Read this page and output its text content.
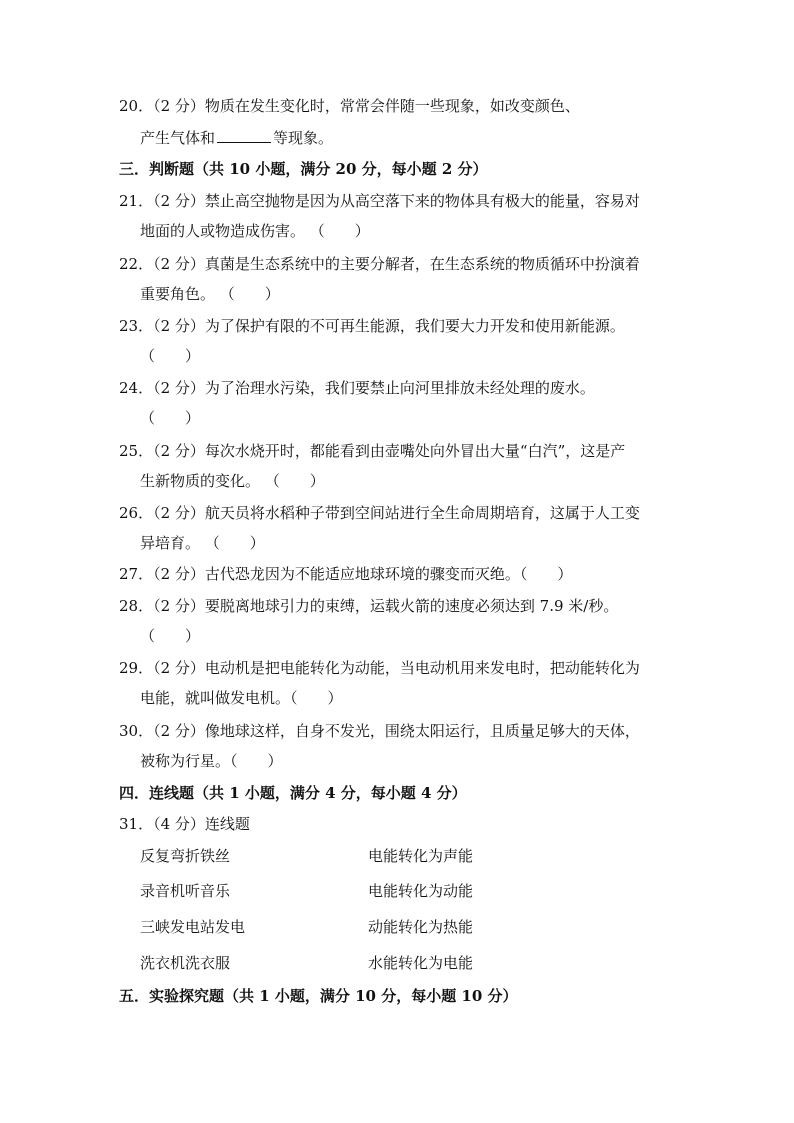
20．（2 分）物质在发生变化时，常常会伴随一些现象，如改变颜色、
产生气体和	等现象。
三．判断题（共 10 小题，满分 20 分，每小题 2 分）
21．（2 分）禁止高空抛物是因为从高空落下来的物体具有极大的能量，容易对
地面的人或物造成伤害。 （　　）
22．（2 分）真菌是生态系统中的主要分解者，在生态系统的物质循环中扮演着
重要角色。 （　　）
23．（2 分）为了保护有限的不可再生能源，我们要大力开发和使用新能源。
（　　）
24．（2 分）为了治理水污染，我们要禁止向河里排放未经处理的废水。
（　　）
25．（2 分）每次水烧开时，都能看到由壶嘴处向外冒出大量“白汽”，这是产
生新物质的变化。 （　　）
26．（2 分）航天员将水稻种子带到空间站进行全生命周期培育，这属于人工变
异培育。 （　　）
27．（2 分）古代恐龙因为不能适应地球环境的骤变而灭绝。（　　）
28．（2 分）要脱离地球引力的束缚，运载火箭的速度必须达到 7.9 米/秒。
（　　）
29．（2 分）电动机是把电能转化为动能，当电动机用来发电时，把动能转化为
电能，就叫做发电机。（　　）
30．（2 分）像地球这样，自身不发光，围绕太阳运行，且质量足够大的天体，
被称为行星。（　　）
四．连线题（共 1 小题，满分 4 分，每小题 4 分）
31．（4 分）连线题
反复弯折铁丝	电能转化为声能
录音机听音乐	电能转化为动能
三峡发电站发电	动能转化为热能
洗衣机洗衣服	水能转化为电能
五．实验探究题（共 1 小题，满分 10 分，每小题 10 分）
